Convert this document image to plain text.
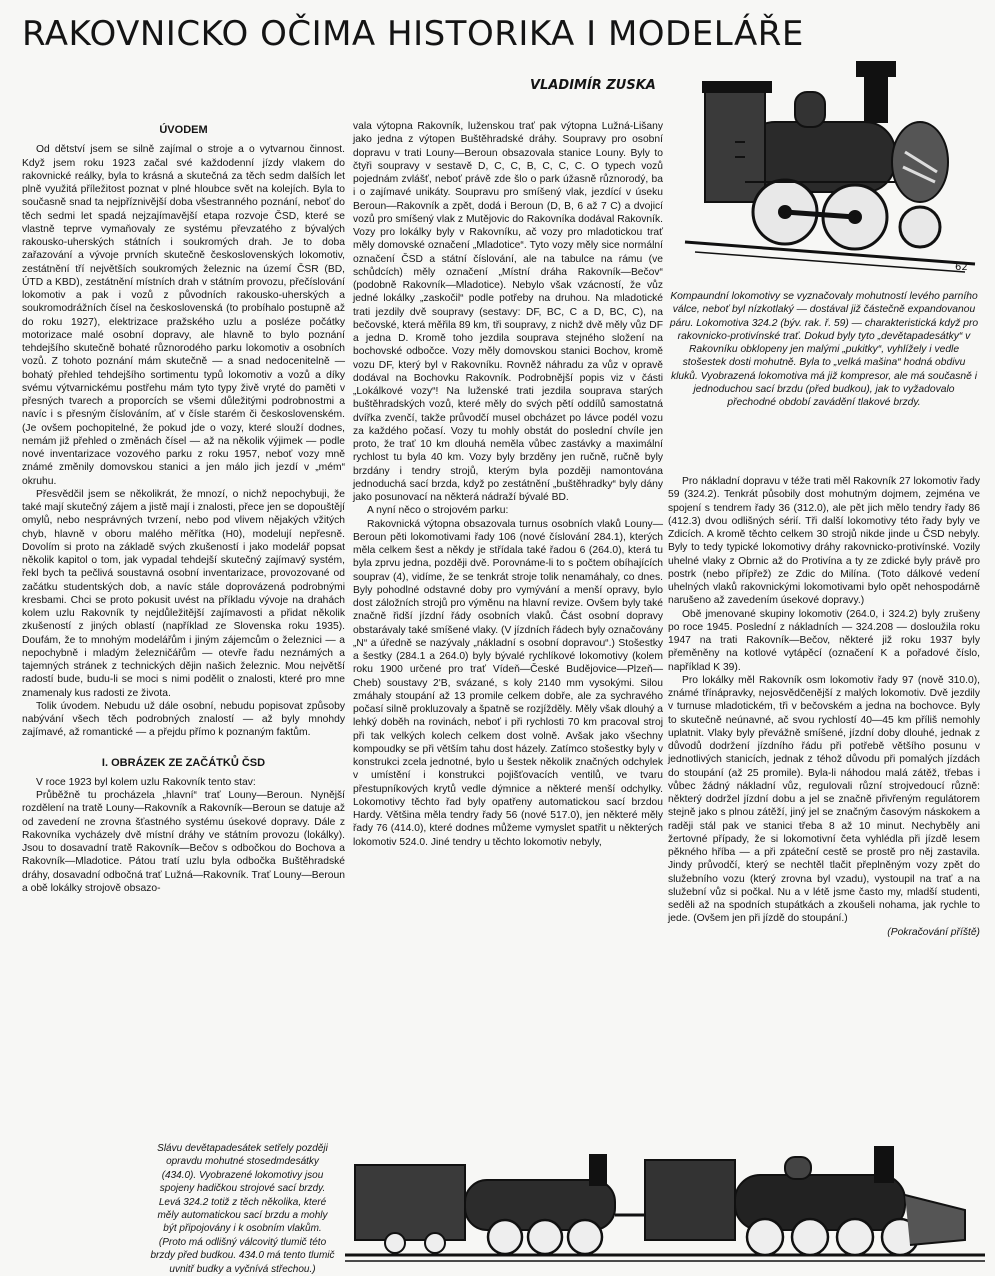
RAKOVNICKO OČIMA HISTORIKA I MODELÁŘE
VLADIMÍR ZUSKA
62
ÚVODEM

Od dětství jsem se silně zajímal o stroje a o vytvarnou činnost. Když jsem roku 1923 začal své každodenní jízdy vlakem do rakovnické reálky, byla to krásná a skutečná za těch sedm dalších let plně využitá příležitost poznat v plné hloubce svět na kolejích. Byla to současně snad ta nejpříznivější doba všestranného poznání, neboť do těch sedmi let spadá nejzajímavější etapa rozvoje ČSD, které se vlastně teprve vymaňovaly ze systému převzatého z bývalých rakousko-uherských státních i soukromých drah. Je to doba zařazování a vývoje prvních skutečně československých lokomotiv, zestátnění tří největších soukromých železnic na území ČSR (BD, ÚTD a KBD), zestátnění místních drah v státním provozu, přečíslování lokomotiv a pak i vozů z původních rakousko-uherských a soukromodrážních čísel na československá (to probíhalo postupně až do roku 1927), elektrizace pražského uzlu a posléze počátky motorizace malé osobní dopravy, ale hlavně to bylo poznání tehdejšího skutečně bohaté různorodého parku lokomotiv a osobních vozů. Z tohoto poznání mám skutečně — a snad nedocenitelně — bohatý přehled tehdejšího sortimentu typů lokomotiv a vozů a díky svému výtvarnickému postřehu mám tyto typy živě vryté do paměti v přesných tvarech a proporcích se všemi důležitými podrobnostmi a navíc i s přesným číslováním, ať v čísle starém či československém. (Je ovšem pochopitelné, že pokud jde o vozy, které slouží dodnes, nemám již přehled o změnách čísel — až na několik výjimek — podle nové inventarizace vozového parku z roku 1957, neboť vozy mně známé změnily domovskou stanici a jen málo jich jezdí v „mém“ okruhu.

Přesvědčil jsem se několikrát, že mnozí, o nichž nepochybuji, že také mají skutečný zájem a jistě mají i znalosti, přece jen se dopouštějí omylů, nebo nesprávných tvrzení, nebo pod vlivem nějakých vžitých chyb, hlavně v oboru malého měřítka (H0), modelují nepřesně. Dovolím si proto na základě svých zkušeností i jako modelář popsat několik kapitol o tom, jak vypadal tehdejší skutečný zajímavý systém, řekl bych ta pečlivá soustavná osobní inventarizace, provozované od začátku studentských dob, a navíc stále doprovázená podrobnými kresbami. Chci se proto pokusit uvést na příkladu vývoje na drahách kolem uzlu Rakovník ty nejdůležitější zajímavosti a přidat několik zkušeností z jiných oblastí (například ze Slovenska roku 1935). Doufám, že to mnohým modelářům i jiným zájemcům o železnici — a nepochybně i mladým železničářům — otevře řadu neznámých a tajemných stránek z technických dějin našich železnic. Mou největší radostí bude, budu-li se moci s nimi podělit o znalosti, které pro mne znamenaly kus radosti ze života.

Tolik úvodem. Nebudu už dále osobní, nebudu popisovat způsoby nabývání všech těch podrobných znalostí — až byly mnohdy zajímavé, až romantické — a přejdu přímo k poznaným faktům.

I. OBRÁZEK ZE ZAČÁTKŮ ČSD

V roce 1923 byl kolem uzlu Rakovník tento stav:

Průběžně tu procházela „hlavní“ trať Louny—Beroun. Nynější rozdělení na tratě Louny—Rakovník a Rakovník—Beroun se datuje až od zavedení ne zrovna šťastného systému úsekové dopravy. Dále z Rakovníka vycházely dvě místní dráhy ve státním provozu (lokálky). Jsou to dosavadní tratě Rakovník—Bečov s odbočkou do Bochova a Rakovník—Mladotice. Pátou tratí uzlu byla odbočka Buštěhradské dráhy, dosavadní odbočná trať Lužná—Rakovník. Trať Louny—Beroun a obě lokálky strojově obsazo-

vala výtopna Rakovník, luženskou trať pak výtopna Lužná-Lišany jako jedna z výtopen Buštěhradské dráhy. Soupravy pro osobní dopravu v trati Louny—Beroun obsazovala stanice Louny. Byly to čtyři soupravy v sestavě D, C, C, B, C, C, C. O typech vozů pojednám zvlášť, neboť právě zde šlo o park úžasně různorodý, ba i o zajímavé unikáty. Soupravu pro smíšený vlak, jezdící v úseku Beroun—Rakovník a zpět, dodá i Beroun (D, B, 6 až 7 C) a dvojicí vozů pro smíšený vlak z Mutějovic do Rakovníka dodával Rakovník. Vozy pro lokálky byly v Rakovníku, ač vozy pro mladotickou trať měly domovské označení „Mladotice“. Tyto vozy měly sice normální označení ČSD a státní číslování, ale na tabulce na rámu (ve schůdcích) měly označení „Místní dráha Rakovník—Bečov“ (podobně Rakovník—Mladotice). Nebylo však vzácností, že vůz jedné lokálky „zaskočil“ podle potřeby na druhou. Na mladotické trati jezdily dvě soupravy (sestavy: DF, BC, C a D, BC, C), na bečovské, která měřila 89 km, tři soupravy, z nichž dvě měly vůz DF a jedna D. Kromě toho jezdila souprava stejného složení na bochovské odbočce. Vozy měly domovskou stanici Bochov, kromě vozu DF, který byl v Rakovníku. Rovněž náhradu za vůz v opravě dodával na Bochovku Rakovník. Podrobnější popis viz v části „Lokálkové vozy“! Na luženské trati jezdila souprava starých buštěhradských vozů, které měly do svých pětí oddílů samostatná dvířka zvenčí, takže průvodčí musel obcházet po lávce podél vozu za každého počasí. Vozy tu mohly obstát do poslední chvíle jen proto, že trať 10 km dlouhá neměla vůbec zastávky a maximální rychlost tu byla 40 km. Vozy byly brzděny jen ručně, ručně byly brzdány i tendry strojů, kterým byla později namontována jednoduchá sací brzda, když po zestátnění „buštěhradky“ byly dány jako posunovací na některá nádraží bývalé BD.

A nyní něco o strojovém parku:

Rakovnická výtopna obsazovala turnus osobních vlaků Louny—Beroun pěti lokomotivami řady 106 (nové číslování 284.1), kterých měla celkem šest a někdy je střídala také řadou 6 (264.0), která tu byla zprvu jedna, později dvě. Porovnáme-li to s počtem obíhajících souprav (4), vidíme, že se tenkrát stroje tolik nenamáhaly, co dnes. Byly pohodlné odstavné doby pro vymývání a menší opravy, bylo dost záložních strojů pro výměnu na hlavní revize. Ovšem byly také značně řidší jízdní řády osobních vlaků. Část osobní dopravy obstarávaly také smíšené vlaky. (V jízdních řádech byly označovány „N“ a úředně se nazývaly „nákladní s osobní dopravou“.) Stošestky a šestky (284.1 a 264.0) byly bývalé rychlíkové lokomotivy (kolem roku 1900 určené pro trať Vídeň—České Budějovice—Plzeň—Cheb) soustavy 2'B, svázané, s koly 2140 mm vysokými. Silou zmáhaly stoupání až 13 promile celkem dobře, ale za sychravého počasí silně prokluzovaly a špatně se rozjížděly. Měly však dlouhý a lehký doběh na rovinách, neboť i při rychlosti 70 km pracoval stroj při tak velkých kolech celkem dost volně. Avšak jako všechny kompoudky se při větším tahu dost házely. Zatímco stošestky byly v konstrukci zcela jednotné, bylo u šestek několik značných odchylek v umístění i konstrukci pojišťovacích ventilů, ve tvaru přestupníkových krytů vedle dýmnice a některé menší odchylky. Lokomotivy těchto řad byly opatřeny automatickou sací brzdou Hardy. Většina měla tendry řady 56 (nové 517.0), jen některé měly řady 76 (414.0), které dodnes můžeme vymyslet spatřit u některých lokomotiv 524.0. Jiné tendry u těchto lokomotiv nebyly,

Kompaundní lokomotivy se vyznačovaly mohutností levého parního válce, neboť byl nízkotlaký — dostával již částečně expandovanou páru. Lokomotiva 324.2 (býv. rak. ř. 59) — charakteristická když pro rakovnicko-protivínské trať. Dokud byly tyto „devětapadesátky“ v Rakovníku obklopeny jen malými „pukitky“, vyhlížely i vedle stošestek dosti mohutně. Byla to „velká mašina“ hodná obdivu kluků. Vyobrazená lokomotiva má již kompresor, ale má současně i jednoduchou sací brzdu (před budkou), jak to vyžadovalo přechodné období zavádění tlakové brzdy.

Pro nákladní dopravu v téže trati měl Rakovník 27 lokomotiv řady 59 (324.2). Tenkrát působily dost mohutným dojmem, zejména ve spojení s tendrem řady 36 (312.0), ale pět jich mělo tendry řady 86 (412.3) dvou odlišných sérií. Tři další lokomotivy této řady byly ve Zdicích. A kromě těchto celkem 30 strojů nikde jinde u ČSD nebyly. Byly to tedy typické lokomotivy dráhy rakovnicko-protivínské. Vozily uhelné vlaky z Obrnic až do Protivína a ty ze zdické byly právě pro postrk (nebo přípřež) ze Zdic do Milína. (Toto dálkové vedení uhelných vlaků rakovnickými lokomotivami bylo opět nehospodárně narušeno až zavedením úsekové dopravy.)

Obě jmenované skupiny lokomotiv (264.0, i 324.2) byly zrušeny po roce 1945. Poslední z nákladních — 324.208 — dosloužila roku 1947 na trati Rakovník—Bečov, některé již roku 1937 byly přeměněny na kotlové vytápěcí (označení K a pořadové číslo, například K 39).

Pro lokálky měl Rakovník osm lokomotiv řady 97 (nově 310.0), známé třínápravky, nejosvědčenější z malých lokomotiv. Dvě jezdily v turnuse mladotickém, tři v bečovském a jedna na bochovce. Byly to skutečně neúnavné, ač svou rychlostí 40—45 km příliš nemohly uplatnit. Vlaky byly převážně smíšené, jízdní doby dlouhé, jednak z důvodů dodržení jízdního řádu při potřebě většího posunu v jednotlivých stanicích, jednak z téhož důvodu při pomalých jízdách do stoupání (až 25 promile). Byla-li náhodou malá zátěž, třebas i vůbec žádný nákladní vůz, regulovali různí strojvedoucí různě: některý dodržel jízdní dobu a jel se značně přivřeným regulátorem stejně jako s plnou zátěží, jiný jel se značným časovým náskokem a raději stál pak ve stanici třeba 8 až 10 minut. Nechyběly ani žertovné případy, že si lokomotivní četa vyhlédla při jízdě lesem pěkného hříba — a při zpáteční cestě se prostě pro něj zastavila. Jindy průvodčí, který se nechtěl tlačit přeplněným vozy zpět do služebního vozu (který zrovna byl vzadu), vystoupil na trať a na služební vůz si počkal. Nu a v létě jsme často my, mladší studenti, seděli až na spodních stupátkách a zkoušeli nohama, jak rychle to jede. (Ovšem jen při jízdě do stoupání.)

(Pokračování příště)

Slávu devětapadesátek setřely později opravdu mohutné stosedmdesátky (434.0). Vyobrazené lokomotivy jsou spojeny hadičkou strojové sací brzdy. Levá 324.2 totiž z těch několika, které měly automatickou sací brzdu a mohly být připojovány i k osobním vlakům. (Proto má odlišný válcovitý tlumič této brzdy před budkou. 434.0 má tento tlumič uvnitř budky a vyčnívá střechou.)
